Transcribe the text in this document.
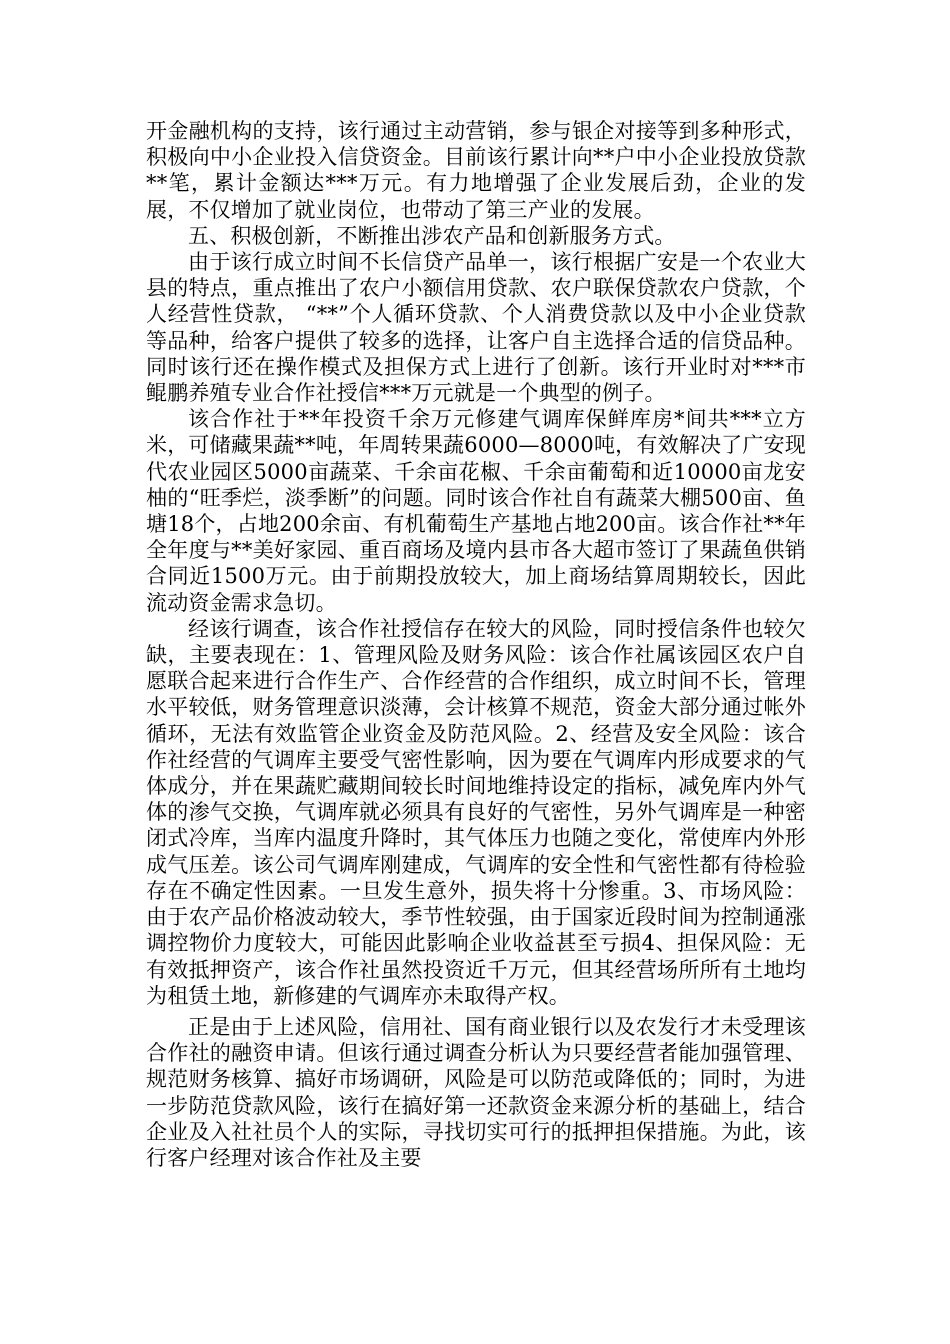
开金融机构的支持，该行通过主动营销，参与银企对接等到多种形式，积极向中小企业投入信贷资金。目前该行累计向**户中小企业投放贷款**笔，累计金额达***万元。有力地增强了企业发展后劲，企业的发展，不仅增加了就业岗位，也带动了第三产业的发展。

五、积极创新，不断推出涉农产品和创新服务方式。

由于该行成立时间不长信贷产品单一，该行根据广安是一个农业大县的特点，重点推出了农户小额信用贷款、农户联保贷款农户贷款，个人经营性贷款， “**”个人循环贷款、个人消费贷款以及中小企业贷款等品种，给客户提供了较多的选择，让客户自主选择合适的信贷品种。同时该行还在操作模式及担保方式上进行了创新。该行开业时对***市鲲鹏养殖专业合作社授信***万元就是一个典型的例子。

该合作社于**年投资千余万元修建气调库保鲜库房*间共***立方米，可储藏果蔬**吨，年周转果蔬6000—8000吨，有效解决了广安现代农业园区5000亩蔬菜、千余亩花椒、千余亩葡萄和近10000亩龙安柚的“旺季烂，淡季断”的问题。同时该合作社自有蔬菜大棚500亩、鱼塘18个，占地200余亩、有机葡萄生产基地占地200亩。该合作社**年全年度与**美好家园、重百商场及境内县市各大超市签订了果蔬鱼供销合同近1500万元。由于前期投放较大，加上商场结算周期较长，因此流动资金需求急切。

经该行调查，该合作社授信存在较大的风险，同时授信条件也较欠缺，主要表现在：1、管理风险及财务风险：该合作社属该园区农户自愿联合起来进行合作生产、合作经营的合作组织，成立时间不长，管理水平较低，财务管理意识淡薄，会计核算不规范，资金大部分通过帐外循环，无法有效监管企业资金及防范风险。2、经营及安全风险：该合作社经营的气调库主要受气密性影响，因为要在气调库内形成要求的气体成分，并在果蔬贮藏期间较长时间地维持设定的指标，减免库内外气体的渗气交换，气调库就必须具有良好的气密性，另外气调库是一种密闭式冷库，当库内温度升降时，其气体压力也随之变化，常使库内外形成气压差。该公司气调库刚建成，气调库的安全性和气密性都有待检验存在不确定性因素。一旦发生意外，损失将十分惨重。3、市场风险：由于农产品价格波动较大，季节性较强，由于国家近段时间为控制通涨调控物价力度较大，可能因此影响企业收益甚至亏损4、担保风险：无有效抵押资产，该合作社虽然投资近千万元，但其经营场所所有土地均为租赁土地，新修建的气调库亦未取得产权。

正是由于上述风险，信用社、国有商业银行以及农发行才未受理该合作社的融资申请。但该行通过调查分析认为只要经营者能加强管理、规范财务核算、搞好市场调研，风险是可以防范或降低的；同时，为进一步防范贷款风险，该行在搞好第一还款资金来源分析的基础上，结合企业及入社社员个人的实际，寻找切实可行的抵押担保措施。为此，该行客户经理对该合作社及主要
